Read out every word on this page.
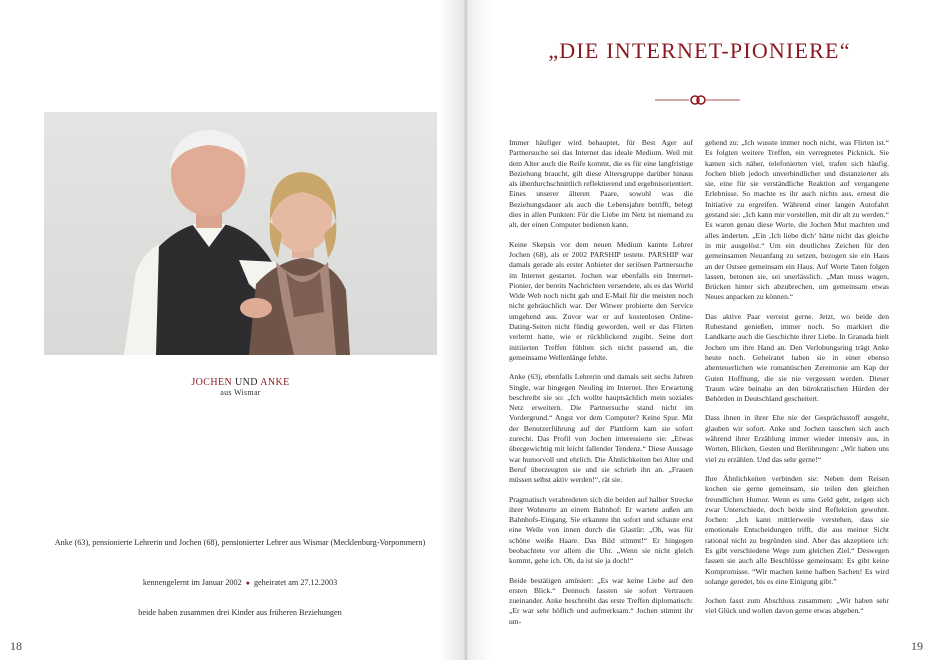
JOCHEN UND ANKE
aus Wismar
Anke (63), pensionierte Lehrerin und Jochen (68), pensionierter Lehrer aus Wismar (Mecklenburg-Vorpommern)
kennengelernt im Januar 2002 ● geheiratet am 27.12.2003
beide haben zusammen drei Kinder aus früheren Beziehungen
18
„DIE INTERNET-PIONIERE“

Immer häufiger wird behauptet, für Best Ager auf Partnersuche sei das Internet das ideale Medium. Weil mit dem Alter auch die Reife kommt, die es für eine langfristige Beziehung braucht, gilt diese Altersgruppe darüber hinaus als überdurchschnittlich reflektierend und ergebnisorientiert. Eines unserer älteren Paare, sowohl was die Beziehungsdauer als auch die Lebensjahre betrifft, belegt dies in allen Punkten: Für die Liebe im Netz ist niemand zu alt, der einen Computer bedienen kann.

Keine Skepsis vor dem neuen Medium kannte Lehrer Jochen (68), als er 2002 PARSHIP testete. PARSHIP war damals gerade als erster Anbieter der seriösen Partnersuche im Internet gestartet. Jochen war ebenfalls ein Internet-Pionier, der bereits Nachrichten versendete, als es das World Wide Web noch nicht gab und E-Mail für die meisten noch nicht gebräuchlich war. Der Witwer probierte den Service umgehend aus. Zuvor war er auf kostenlosen Online-Dating-Seiten nicht fündig geworden, weil er das Flirten verlernt hatte, wie er rückblickend zugibt. Seine dort initiierten Treffen fühlten sich nicht passend an, die gemeinsame Wellenlänge fehlte.

Anke (63), ebenfalls Lehrerin und damals seit sechs Jahren Single, war hingegen Neuling im Internet. Ihre Erwartung beschreibt sie so: „Ich wollte hauptsächlich mein soziales Netz erweitern. Die Partnersuche stand nicht im Vordergrund.“ Angst vor dem Computer? Keine Spur. Mit der Benutzerführung auf der Plattform kam sie sofort zurecht. Das Profil von Jochen interessierte sie: „Etwas übergewichtig mit leicht fallender Tendenz.“ Diese Aussage war humorvoll und ehrlich. Die Ähnlichkeiten bei Alter und Beruf überzeugten sie und sie schrieb ihn an. „Frauen müssen selbst aktiv werden!“, rät sie.

Pragmatisch verabredeten sich die beiden auf halber Strecke ihrer Wohnorte an einem Bahnhof: Er wartete außen am Bahnhofs-Eingang. Sie erkannte ihn sofort und schaute erst eine Weile von innen durch die Glastür: „Oh, was für schöne weiße Haare. Das Bild stimmt!“ Er hingegen beobachtete vor allem die Uhr. „Wenn sie nicht gleich kommt, gehe ich. Oh, da ist sie ja doch!“

Beide bestätigen amüsiert: „Es war keine Liebe auf den ersten Blick.“ Dennoch fassten sie sofort Vertrauen zueinander. Anke beschreibt das erste Treffen diplomatisch: „Er war sehr höflich und aufmerksam.“ Jochen stimmt ihr um-

gehend zu: „Ich wusste immer noch nicht, was Flirten ist.“ Es folgten weitere Treffen, ein verregnetes Picknick. Sie kamen sich näher, telefonierten viel, trafen sich häufig. Jochen blieb jedoch unverbindlicher und distanzierter als sie, eine für sie verständliche Reaktion auf vergangene Erlebnisse. So machte es ihr auch nichts aus, erneut die Initiative zu ergreifen. Während einer langen Autofahrt gestand sie: „Ich kann mir vorstellen, mit dir alt zu werden.“ Es waren genau diese Worte, die Jochen Mut machten und alles änderten. „Ein ‚Ich liebe dich‘ hätte nicht das gleiche in mir ausgelöst.“ Um ein deutliches Zeichen für den gemeinsamen Neuanfang zu setzen, bezogen sie ein Haus an der Ostsee gemeinsam ein Haus. Auf Worte Taten folgen lassen, betonen sie, sei unerlässlich. „Man muss wagen, Brücken hinter sich abzubrechen, um gemeinsam etwas Neues anpacken zu können.“

Das aktive Paar verreist gerne. Jetzt, wo beide den Ruhestand genießen, immer noch. So markiert die Landkarte auch die Geschichte ihrer Liebe. In Granada hielt Jochen um ihre Hand an. Den Verlobungsring trägt Anke heute noch. Geheiratet haben sie in einer ebenso abenteuerlichen wie romantischen Zeremonie am Kap der Guten Hoffnung, die sie nie vergessen werden. Dieser Traum wäre beinahe an den bürokratischen Hürden der Behörden in Deutschland gescheitert.

Dass ihnen in ihrer Ehe nie der Gesprächsstoff ausgeht, glauben wir sofort. Anke und Jochen tauschen sich auch während ihrer Erzählung immer wieder intensiv aus, in Worten, Blicken, Gesten und Berührungen: „Wir haben uns viel zu erzählen. Und das sehr gerne!“

Ihre Ähnlichkeiten verbinden sie: Neben dem Reisen kochen sie gerne gemeinsam, sie teilen den gleichen freundlichen Humor. Wenn es ums Geld geht, zeigen sich zwar Unterschiede, doch beide sind Reflektion gewohnt. Jochen: „Ich kann mittlerweile verstehen, dass sie emotionale Entscheidungen trifft, die aus meiner Sicht rational nicht zu begründen sind. Aber das akzeptiere ich: Es gibt verschiedene Wege zum gleichen Ziel.“ Deswegen fassen sie auch alle Beschlüsse gemeinsam: Es gibt keine Kompromisse. “Wir machen keine halben Sachen! Es wird solange geredet, bis es eine Einigung gibt.”

Jochen fasst zum Abschluss zusammen: „Wir haben sehr viel Glück und wollen davon gerne etwas abgeben.“

19
